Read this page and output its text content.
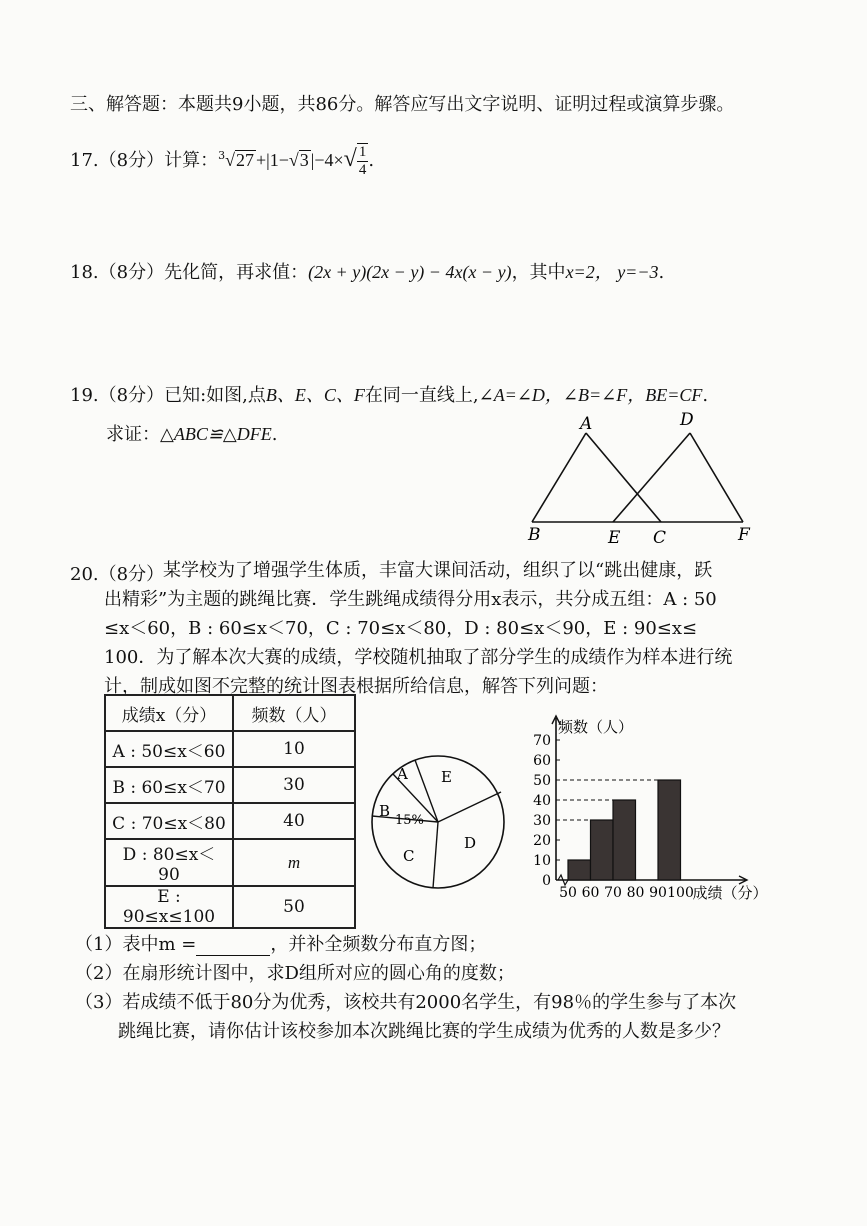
三、解答题：本题共9小题，共86分。解答应写出文字说明、证明过程或演算步骤。
17.（8分）计算：$^3$√27 +|1−√3 $|-4\times√ \frac{1}{4}$ .
18.（8分）先化简，再求值：(2x + y)(2x − y) − 4x(x − y)，其中x=2， y=−3.
19.（8分）已知:如图,点B、E、C、F在同一直线上,∠A=∠D，∠B=∠F，BE=CF.
求证：△ABC≌△DFE.	A	D
B	E C	F
20.（8分）
某学校为了增强学生体质，丰富大课间活动，组织了以“跳出健康，跃
出精彩”为主题的跳绳比赛．学生跳绳成绩得分用x表示，共分成五组：A : 50
≤x＜60，B : 60≤x＜70，C : 70≤x＜80，D : 80≤x＜90，E : 90≤x≤
100．为了解本次大赛的成绩，学校随机抽取了部分学生的成绩作为样本进行统
计，制成如图不完整的统计图表根据所给信息，解答下列问题：
成绩x（分）	频数（人）
A : 50≤x＜60	10
B : 60≤x＜70	30
C : 70≤x＜80	40
D : 80≤x＜90	m
E : 90≤x≤100	50
A E
B
15%
C
D
0
10
20
30
40
50
60
70
50 60 70 80 90 100
频数（人）
成绩（分）
（1）表中m =	，并补全频数分布直方图；
（2）在扇形统计图中，求D组所对应的圆心角的度数；
（3）若成绩不低于80分为优秀，该校共有2000名学生，有98％的学生参与了本次
跳绳比赛，请你估计该校参加本次跳绳比赛的学生成绩为优秀的人数是多少？
